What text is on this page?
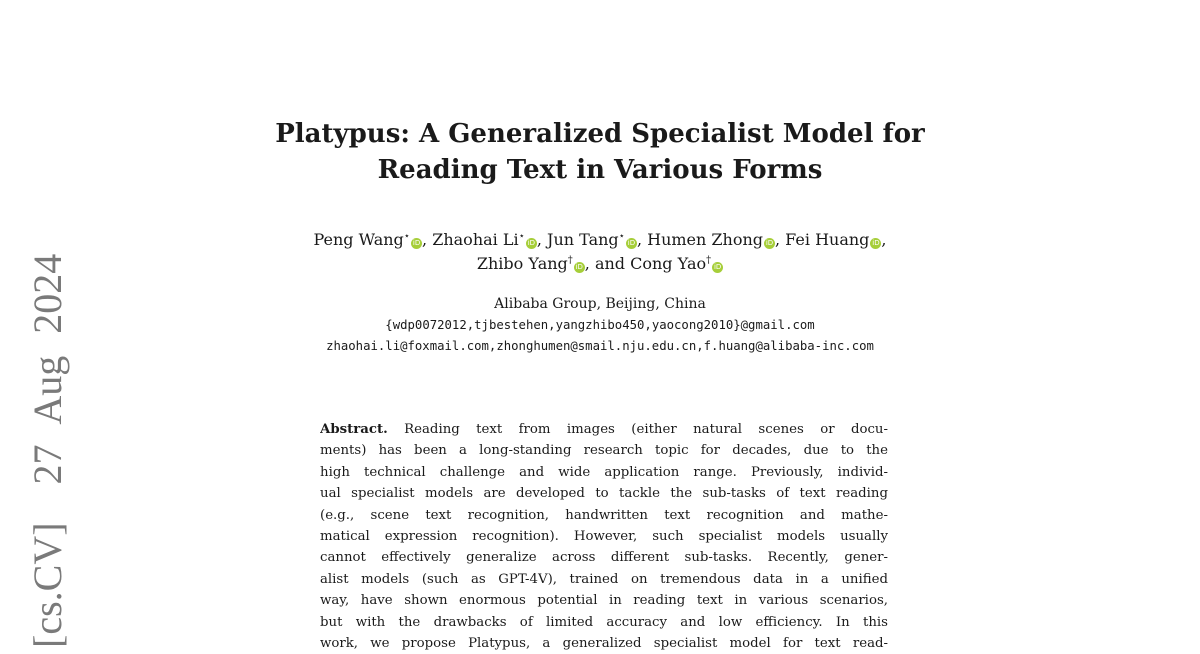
[cs.CV] 27 Aug 2024
Platypus: A Generalized Specialist Model for
Reading Text in Various Forms
Peng Wang⋆iD , Zhaohai Li⋆iD , Jun Tang⋆iD , Humen Zhong iD , Fei Huang iD ,
Zhibo Yang†iD , and Cong Yao†iD
Alibaba Group, Beijing, China
{wdp0072012,tjbestehen,yangzhibo450,yaocong2010}@gmail.com
zhaohai.li@foxmail.com,zhonghumen@smail.nju.edu.cn,f.huang@alibaba-inc.com
Abstract. Reading text from images (either natural scenes or docu-
ments) has been a long-standing research topic for decades, due to the
high technical challenge and wide application range. Previously, individ-
ual specialist models are developed to tackle the sub-tasks of text reading
(e.g., scene text recognition, handwritten text recognition and mathe-
matical expression recognition). However, such specialist models usually
cannot effectively generalize across different sub-tasks. Recently, gener-
alist models (such as GPT-4V), trained on tremendous data in a unified
way, have shown enormous potential in reading text in various scenarios,
but with the drawbacks of limited accuracy and low efficiency. In this
work, we propose Platypus, a generalized specialist model for text read-
